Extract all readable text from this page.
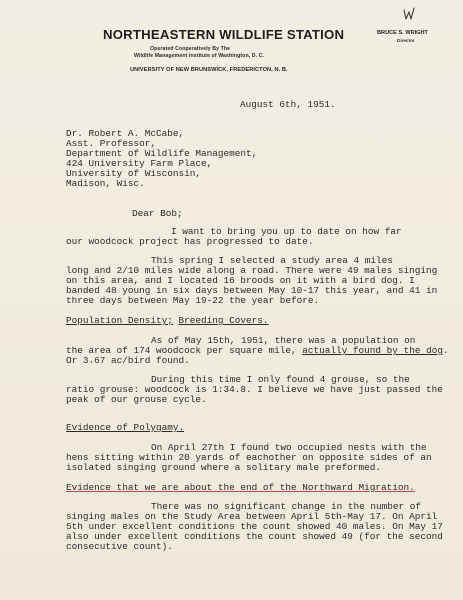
NORTHEASTERN WILDLIFE STATION
Operated Cooperatively By The
Wildlife Management Institute of Washington, D. C.
UNIVERSITY OF NEW BRUNSWICK, FREDERICTON, N. B.
BRUCE S. WRIGHT
Director
August 6th, 1951.
Dr. Robert A. McCabe,
Asst. Professor,
Department of Wildlife Management,
424 University Farm Place,
University of Wisconsin,
Madison, Wisc.
Dear Bob;
I want to bring you up to date on how far
our woodcock project has progressed to date.
This spring I selected a study area 4 miles
long and 2/10 miles wide along a road. There were 49 males singing
on this area, and I located 16 broods on it with a bird dog. I
banded 48 young in six days between May 10-17 this year, and 41 in
three days between May 19-22 the year before.
Population Density; Breeding Covers.
As of May 15th, 1951, there was a population on
the area of 174 woodcock per square mile, actually found by the dog.
Or 3.67 ac/bird found.
During this time I only found 4 grouse, so the
ratio grouse: woodcock is 1:34.8. I believe we have just passed the
peak of our grouse cycle.
Evidence of Polygamy.
On April 27th I found two occupied nests with the
hens sitting within 20 yards of eachother on opposite sides of an
isolated singing ground where a solitary male preformed.
Evidence that we are about the end of the Northward Migration.
There was no significant change in the number of
singing males on the Study Area between April 5th-May 17. On April
5th under excellent conditions the count showed 40 males. On May 17
also under excellent conditions the count showed 49 (for the second
consecutive count).
